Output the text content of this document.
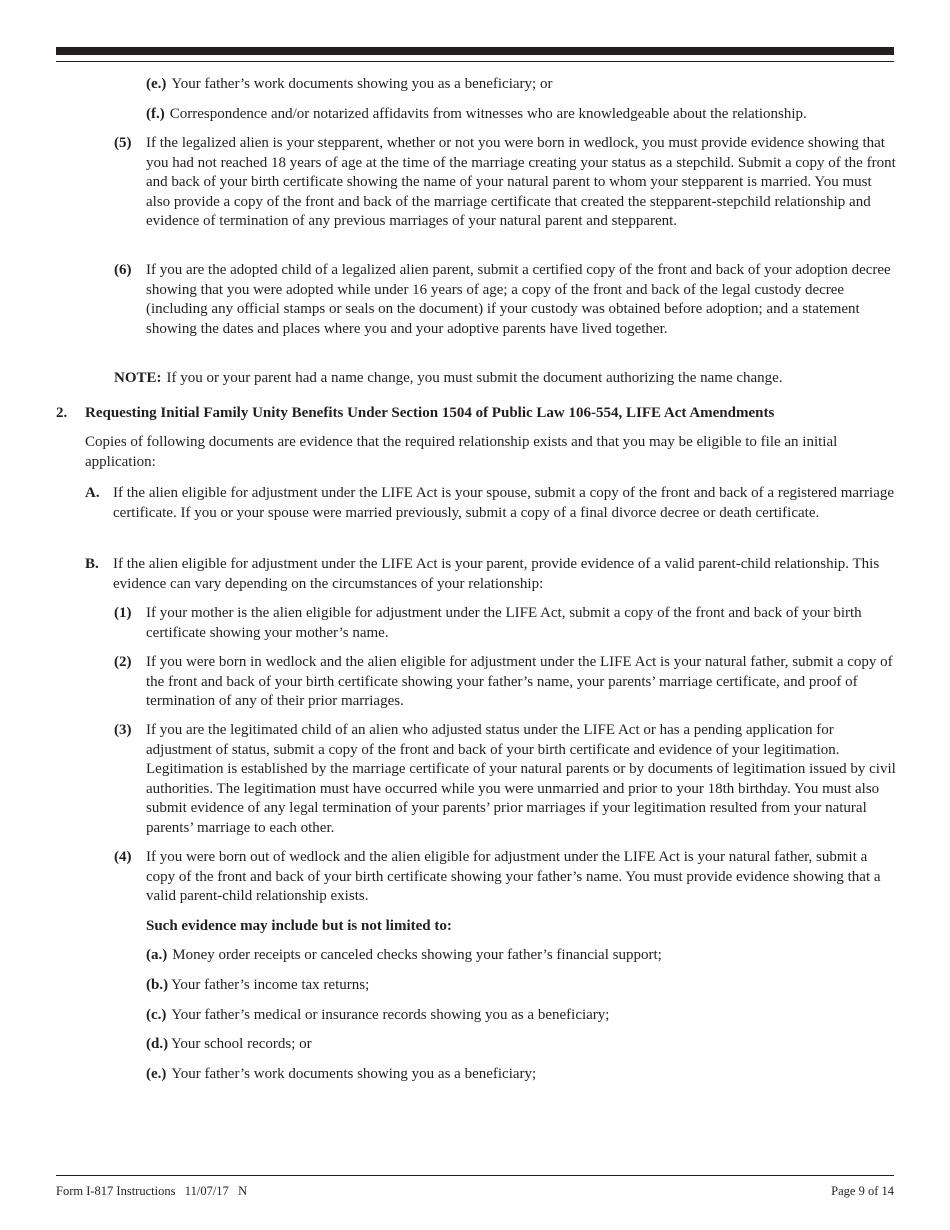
(e.) Your father’s work documents showing you as a beneficiary; or
(f.) Correspondence and/or notarized affidavits from witnesses who are knowledgeable about the relationship.
(5) If the legalized alien is your stepparent, whether or not you were born in wedlock, you must provide evidence showing that you had not reached 18 years of age at the time of the marriage creating your status as a stepchild. Submit a copy of the front and back of your birth certificate showing the name of your natural parent to whom your stepparent is married. You must also provide a copy of the front and back of the marriage certificate that created the stepparent-stepchild relationship and evidence of termination of any previous marriages of your natural parent and stepparent.
(6) If you are the adopted child of a legalized alien parent, submit a certified copy of the front and back of your adoption decree showing that you were adopted while under 16 years of age; a copy of the front and back of the legal custody decree (including any official stamps or seals on the document) if your custody was obtained before adoption; and a statement showing the dates and places where you and your adoptive parents have lived together.
NOTE: If you or your parent had a name change, you must submit the document authorizing the name change.
2.	Requesting Initial Family Unity Benefits Under Section 1504 of Public Law 106-554, LIFE Act Amendments
Copies of following documents are evidence that the required relationship exists and that you may be eligible to file an initial application:
A. If the alien eligible for adjustment under the LIFE Act is your spouse, submit a copy of the front and back of a registered marriage certificate. If you or your spouse were married previously, submit a copy of a final divorce decree or death certificate.
B. If the alien eligible for adjustment under the LIFE Act is your parent, provide evidence of a valid parent-child relationship. This evidence can vary depending on the circumstances of your relationship:
(1) If your mother is the alien eligible for adjustment under the LIFE Act, submit a copy of the front and back of your birth certificate showing your mother’s name.
(2) If you were born in wedlock and the alien eligible for adjustment under the LIFE Act is your natural father, submit a copy of the front and back of your birth certificate showing your father’s name, your parents’ marriage certificate, and proof of termination of any of their prior marriages.
(3) If you are the legitimated child of an alien who adjusted status under the LIFE Act or has a pending application for adjustment of status, submit a copy of the front and back of your birth certificate and evidence of your legitimation. Legitimation is established by the marriage certificate of your natural parents or by documents of legitimation issued by civil authorities. The legitimation must have occurred while you were unmarried and prior to your 18th birthday. You must also submit evidence of any legal termination of your parents’ prior marriages if your legitimation resulted from your natural parents’ marriage to each other.
(4) If you were born out of wedlock and the alien eligible for adjustment under the LIFE Act is your natural father, submit a copy of the front and back of your birth certificate showing your father’s name. You must provide evidence showing that a valid parent-child relationship exists.
Such evidence may include but is not limited to:
(a.) Money order receipts or canceled checks showing your father’s financial support;
(b.) Your father’s income tax returns;
(c.) Your father’s medical or insurance records showing you as a beneficiary;
(d.) Your school records; or
(e.) Your father’s work documents showing you as a beneficiary;
Form I-817 Instructions   11/07/17   N	Page 9 of 14
